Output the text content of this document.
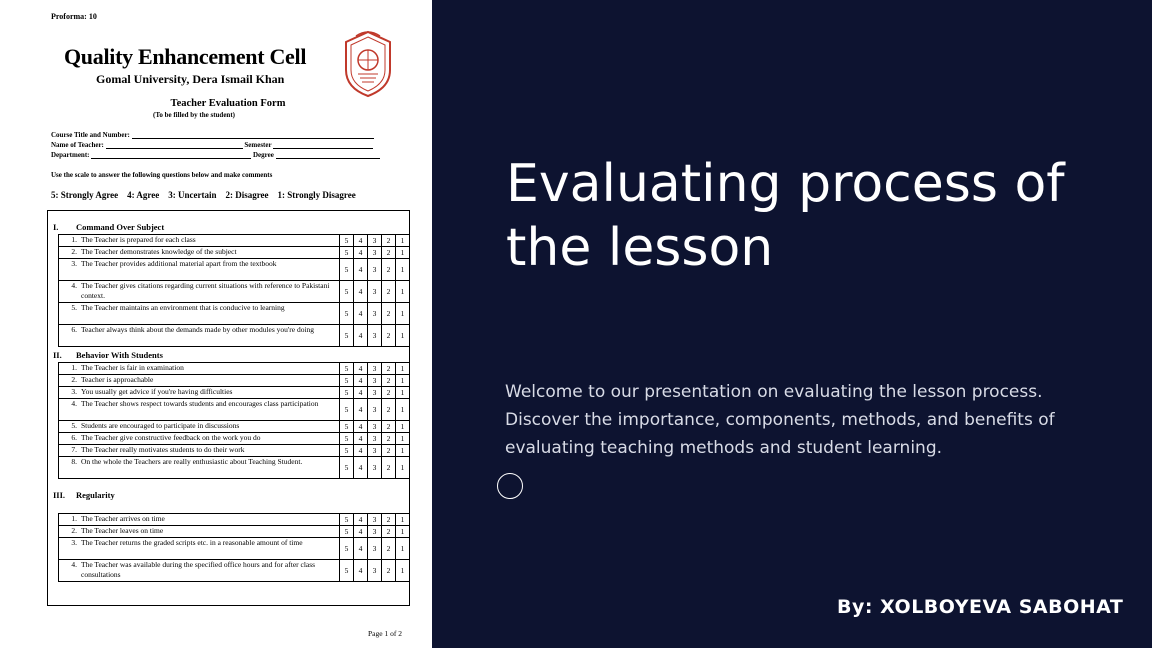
Proforma: 10
Quality Enhancement Cell
Gomal University, Dera Ismail Khan
Teacher Evaluation Form
(To be filled by the student)
Course Title and Number:
Name of Teacher:	Semester
Department:	Degree
Use the scale to answer the following questions below and make comments
5: Strongly Agree    4: Agree    3: Uncertain    2: Disagree    1: Strongly Disagree
Page 1 of 2
I. Command Over Subject
1. The Teacher is prepared for each class	5	4	3	2	1
2. The Teacher demonstrates knowledge of the subject	5	4	3	2	1
3. The Teacher provides additional material apart from the textbook
5	4	3	2	1
4. The Teacher gives citations regarding current situations with reference to Pakistani context.	5	4	3	2	1
5. The Teacher maintains an environment that is conducive to learning
5	4	3	2	1
6. Teacher always think about the demands made by other modules you're doing
5	4	3	2	1
II. Behavior With Students
1. The Teacher is fair in examination	5	4	3	2	1
2. Teacher is approachable	5	4	3	2	1
3. You usually get advice if you're having difficulties	5	4	3	2	1
4. The Teacher shows respect towards students and encourages class participation
5	4	3	2	1
5. Students are encouraged to participate in discussions	5	4	3	2	1
6. The Teacher give constructive feedback on the work you do	5	4	3	2	1
7. The Teacher really motivates students to do their work	5	4	3	2	1
8. On the whole the Teachers are really enthusiastic about Teaching Student.
5	4	3	2	1
III. Regularity
1. The Teacher arrives on time	5	4	3	2	1
2. The Teacher leaves on time	5	4	3	2	1
3. The Teacher returns the graded scripts etc. in a reasonable amount of time
5	4	3	2	1
4. The Teacher was available during the specified office hours and for after class consultations	5	4	3	2	1
Evaluating process of the lesson
Welcome to our presentation on evaluating the lesson process. Discover the importance, components, methods, and benefits of evaluating teaching methods and student learning.
By: XOLBOYEVA SABOHAT
